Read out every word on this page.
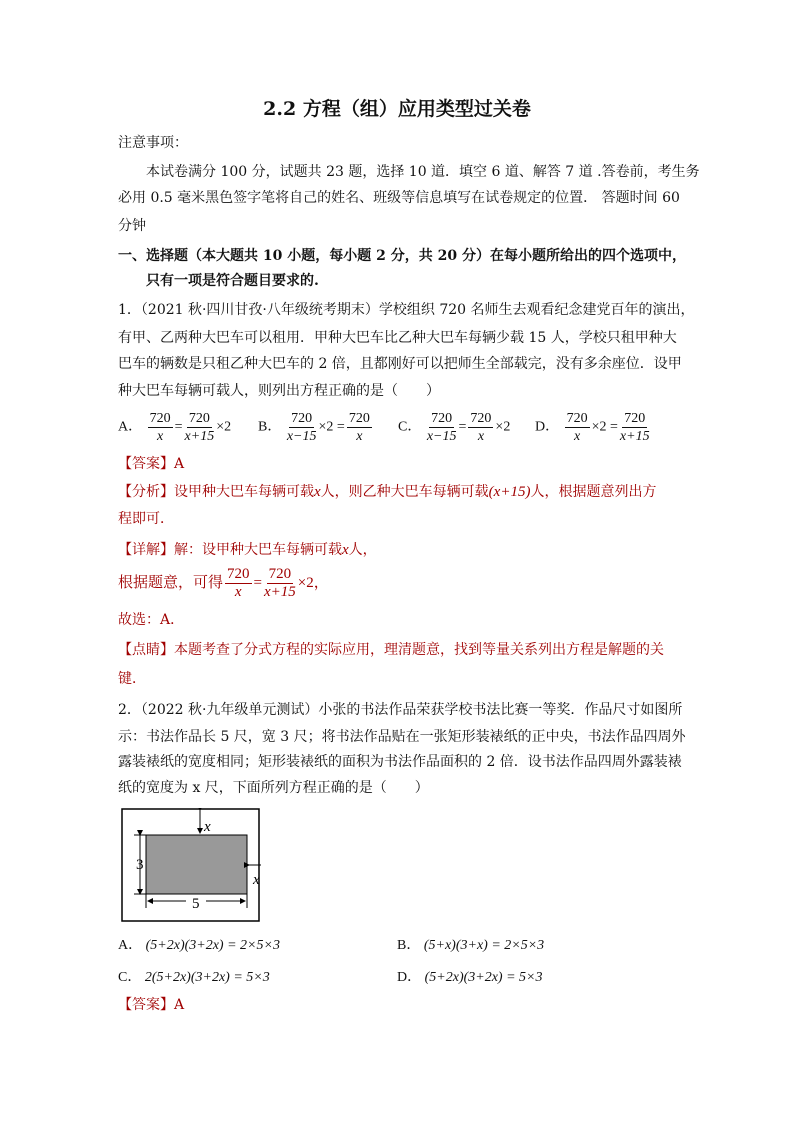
2.2 方程（组）应用类型过关卷
注意事项：
本试卷满分 100 分，试题共 23 题，选择 10 道．填空 6 道、解答 7 道 .答卷前，考生务
必用 0.5 毫米黑色签字笔将自己的姓名、班级等信息填写在试卷规定的位置． 答题时间 60
分钟
一、选择题（本大题共 10 小题，每小题 2 分，共 20 分）在每小题所给出的四个选项中，
只有一项是符合题目要求的.
1．（2021 秋·四川甘孜·八年级统考期末）学校组织 720 名师生去观看纪念建党百年的演出，
有甲、乙两种大巴车可以租用．甲种大巴车比乙种大巴车每辆少载 15 人，学校只租甲种大
巴车的辆数是只租乙种大巴车的 2 倍，且都刚好可以把师生全部载完，没有多余座位．设甲
种大巴车每辆可载人，则列出方程正确的是（　　）
A． $\frac{720}{x} = \frac{720}{x+15} \times 2$ B． $\frac{720}{x-15} \times 2 = \frac{720}{x}$ C． $\frac{720}{x-15} = \frac{720}{x} \times 2$ D． $\frac{720}{x} \times 2 = \frac{720}{x+15}$
【答案】A
【分析】设甲种大巴车每辆可载x人，则乙种大巴车每辆可载(x+15)人，根据题意列出方
程即可．
【详解】解：设甲种大巴车每辆可载x人，
根据题意，可得 $\frac{720}{x} = \frac{720}{x+15} \times 2$，
故选：A．
【点睛】本题考查了分式方程的实际应用，理清题意，找到等量关系列出方程是解题的关
键．
2．（2022 秋·九年级单元测试）小张的书法作品荣获学校书法比赛一等奖．作品尺寸如图所
示：书法作品长 5 尺，宽 3 尺；将书法作品贴在一张矩形装裱纸的正中央，书法作品四周外
露装裱纸的宽度相同；矩形装裱纸的面积为书法作品面积的 2 倍．设书法作品四周外露装裱
纸的宽度为 x 尺，下面所列方程正确的是（　　）
x
x
3
5
A． (5+2x)(3+2x) = 2×5×3	B． (5+x)(3+x) = 2×5×3
C． 2(5+2x)(3+2x) = 5×3	D． (5+2x)(3+2x) = 5×3
【答案】A
